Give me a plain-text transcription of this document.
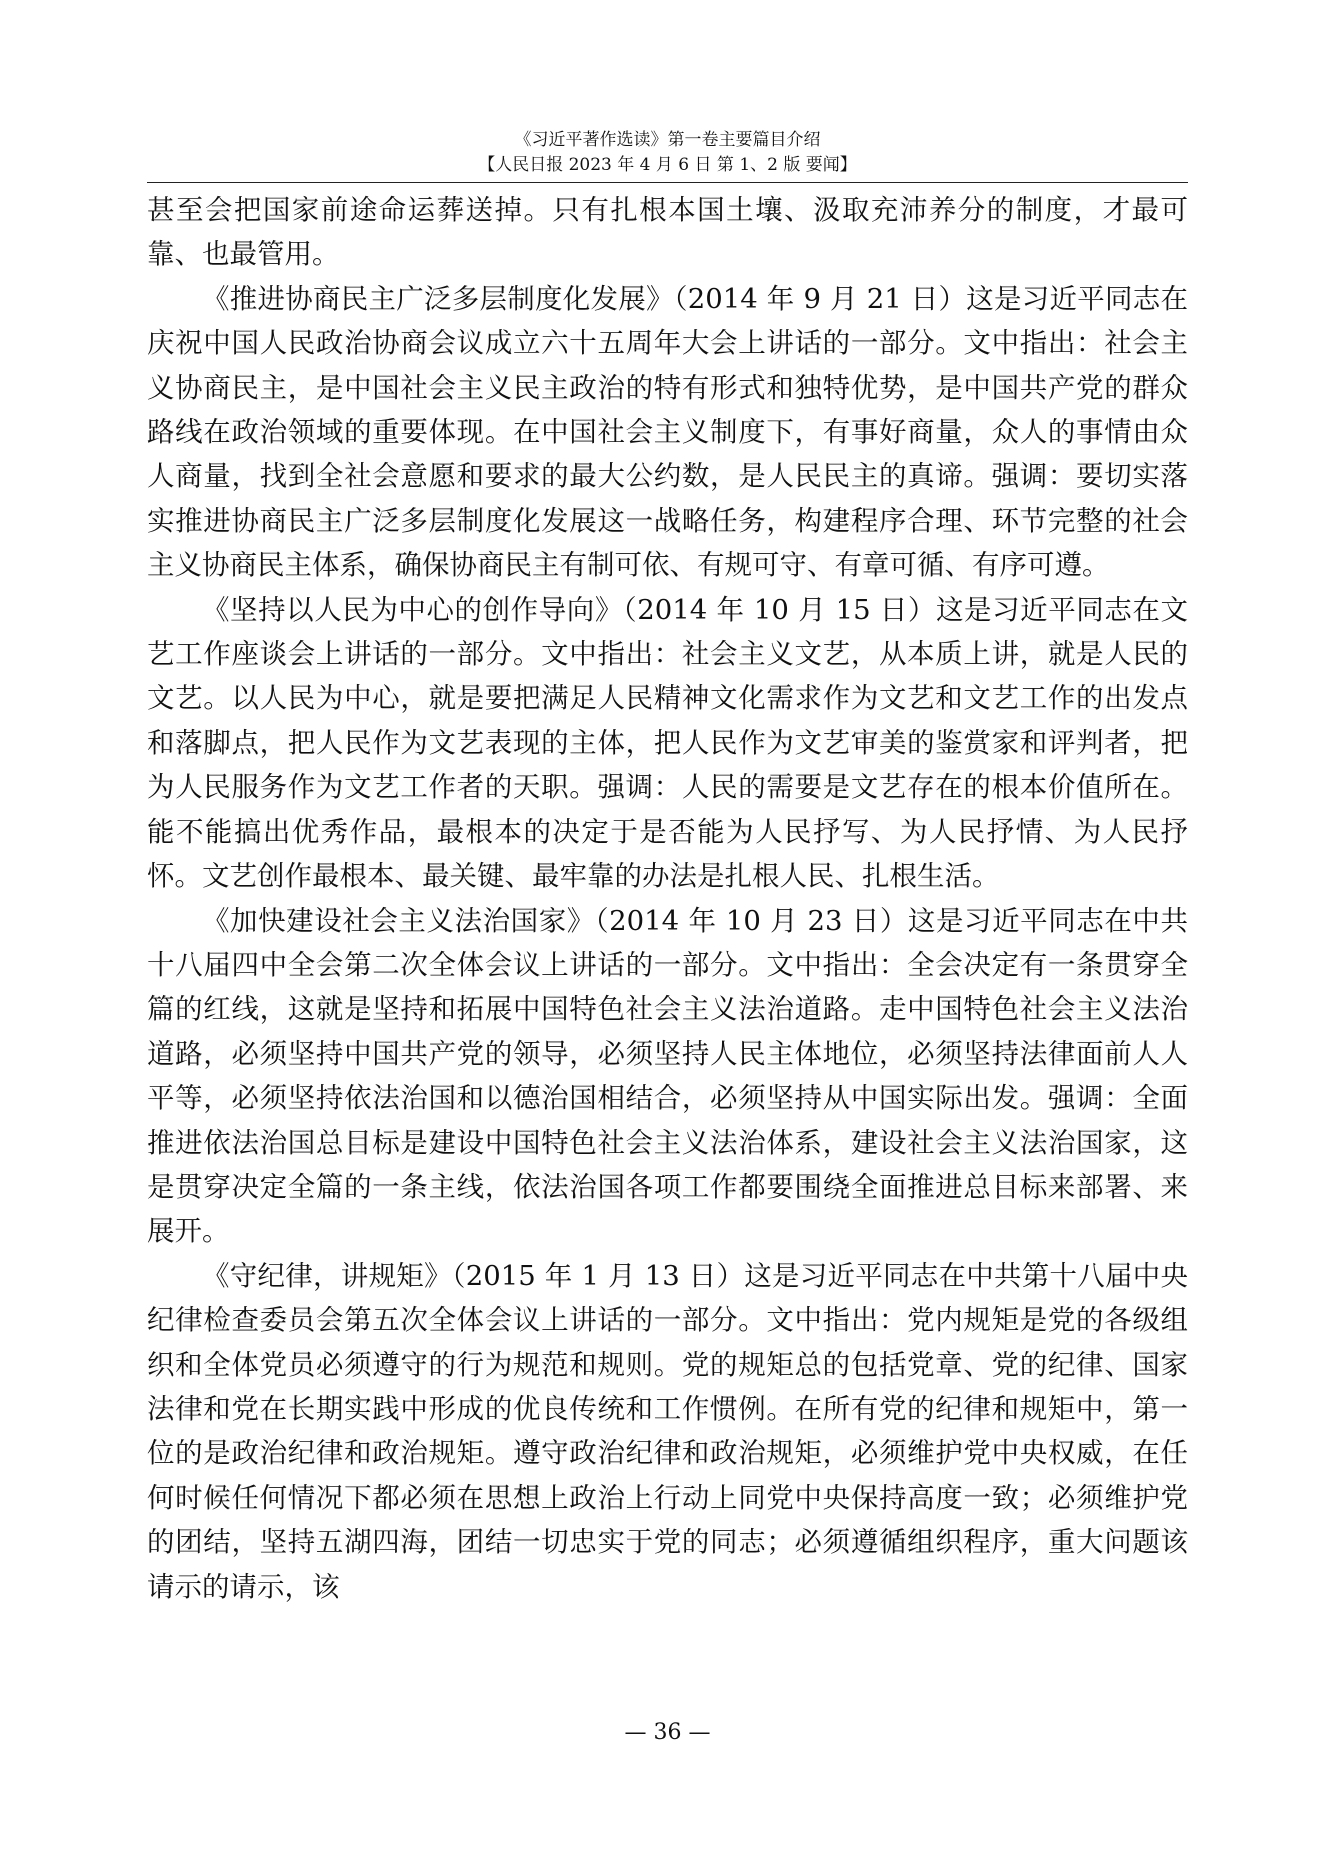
《习近平著作选读》第一卷主要篇目介绍
【人民日报 2023 年 4 月 6 日 第 1、2 版 要闻】

甚至会把国家前途命运葬送掉。只有扎根本国土壤、汲取充沛养分的制度，才最可靠、也最管用。

《推进协商民主广泛多层制度化发展》（2014 年 9 月 21 日）这是习近平同志在庆祝中国人民政治协商会议成立六十五周年大会上讲话的一部分。文中指出：社会主义协商民主，是中国社会主义民主政治的特有形式和独特优势，是中国共产党的群众路线在政治领域的重要体现。在中国社会主义制度下，有事好商量，众人的事情由众人商量，找到全社会意愿和要求的最大公约数，是人民民主的真谛。强调：要切实落实推进协商民主广泛多层制度化发展这一战略任务，构建程序合理、环节完整的社会主义协商民主体系，确保协商民主有制可依、有规可守、有章可循、有序可遵。

《坚持以人民为中心的创作导向》（2014 年 10 月 15 日）这是习近平同志在文艺工作座谈会上讲话的一部分。文中指出：社会主义文艺，从本质上讲，就是人民的文艺。以人民为中心，就是要把满足人民精神文化需求作为文艺和文艺工作的出发点和落脚点，把人民作为文艺表现的主体，把人民作为文艺审美的鉴赏家和评判者，把为人民服务作为文艺工作者的天职。强调：人民的需要是文艺存在的根本价值所在。能不能搞出优秀作品，最根本的决定于是否能为人民抒写、为人民抒情、为人民抒怀。文艺创作最根本、最关键、最牢靠的办法是扎根人民、扎根生活。

《加快建设社会主义法治国家》（2014 年 10 月 23 日）这是习近平同志在中共十八届四中全会第二次全体会议上讲话的一部分。文中指出：全会决定有一条贯穿全篇的红线，这就是坚持和拓展中国特色社会主义法治道路。走中国特色社会主义法治道路，必须坚持中国共产党的领导，必须坚持人民主体地位，必须坚持法律面前人人平等，必须坚持依法治国和以德治国相结合，必须坚持从中国实际出发。强调：全面推进依法治国总目标是建设中国特色社会主义法治体系，建设社会主义法治国家，这是贯穿决定全篇的一条主线，依法治国各项工作都要围绕全面推进总目标来部署、来展开。

《守纪律，讲规矩》（2015 年 1 月 13 日）这是习近平同志在中共第十八届中央纪律检查委员会第五次全体会议上讲话的一部分。文中指出：党内规矩是党的各级组织和全体党员必须遵守的行为规范和规则。党的规矩总的包括党章、党的纪律、国家法律和党在长期实践中形成的优良传统和工作惯例。在所有党的纪律和规矩中，第一位的是政治纪律和政治规矩。遵守政治纪律和政治规矩，必须维护党中央权威，在任何时候任何情况下都必须在思想上政治上行动上同党中央保持高度一致；必须维护党的团结，坚持五湖四海，团结一切忠实于党的同志；必须遵循组织程序，重大问题该请示的请示，该

— 36 —
